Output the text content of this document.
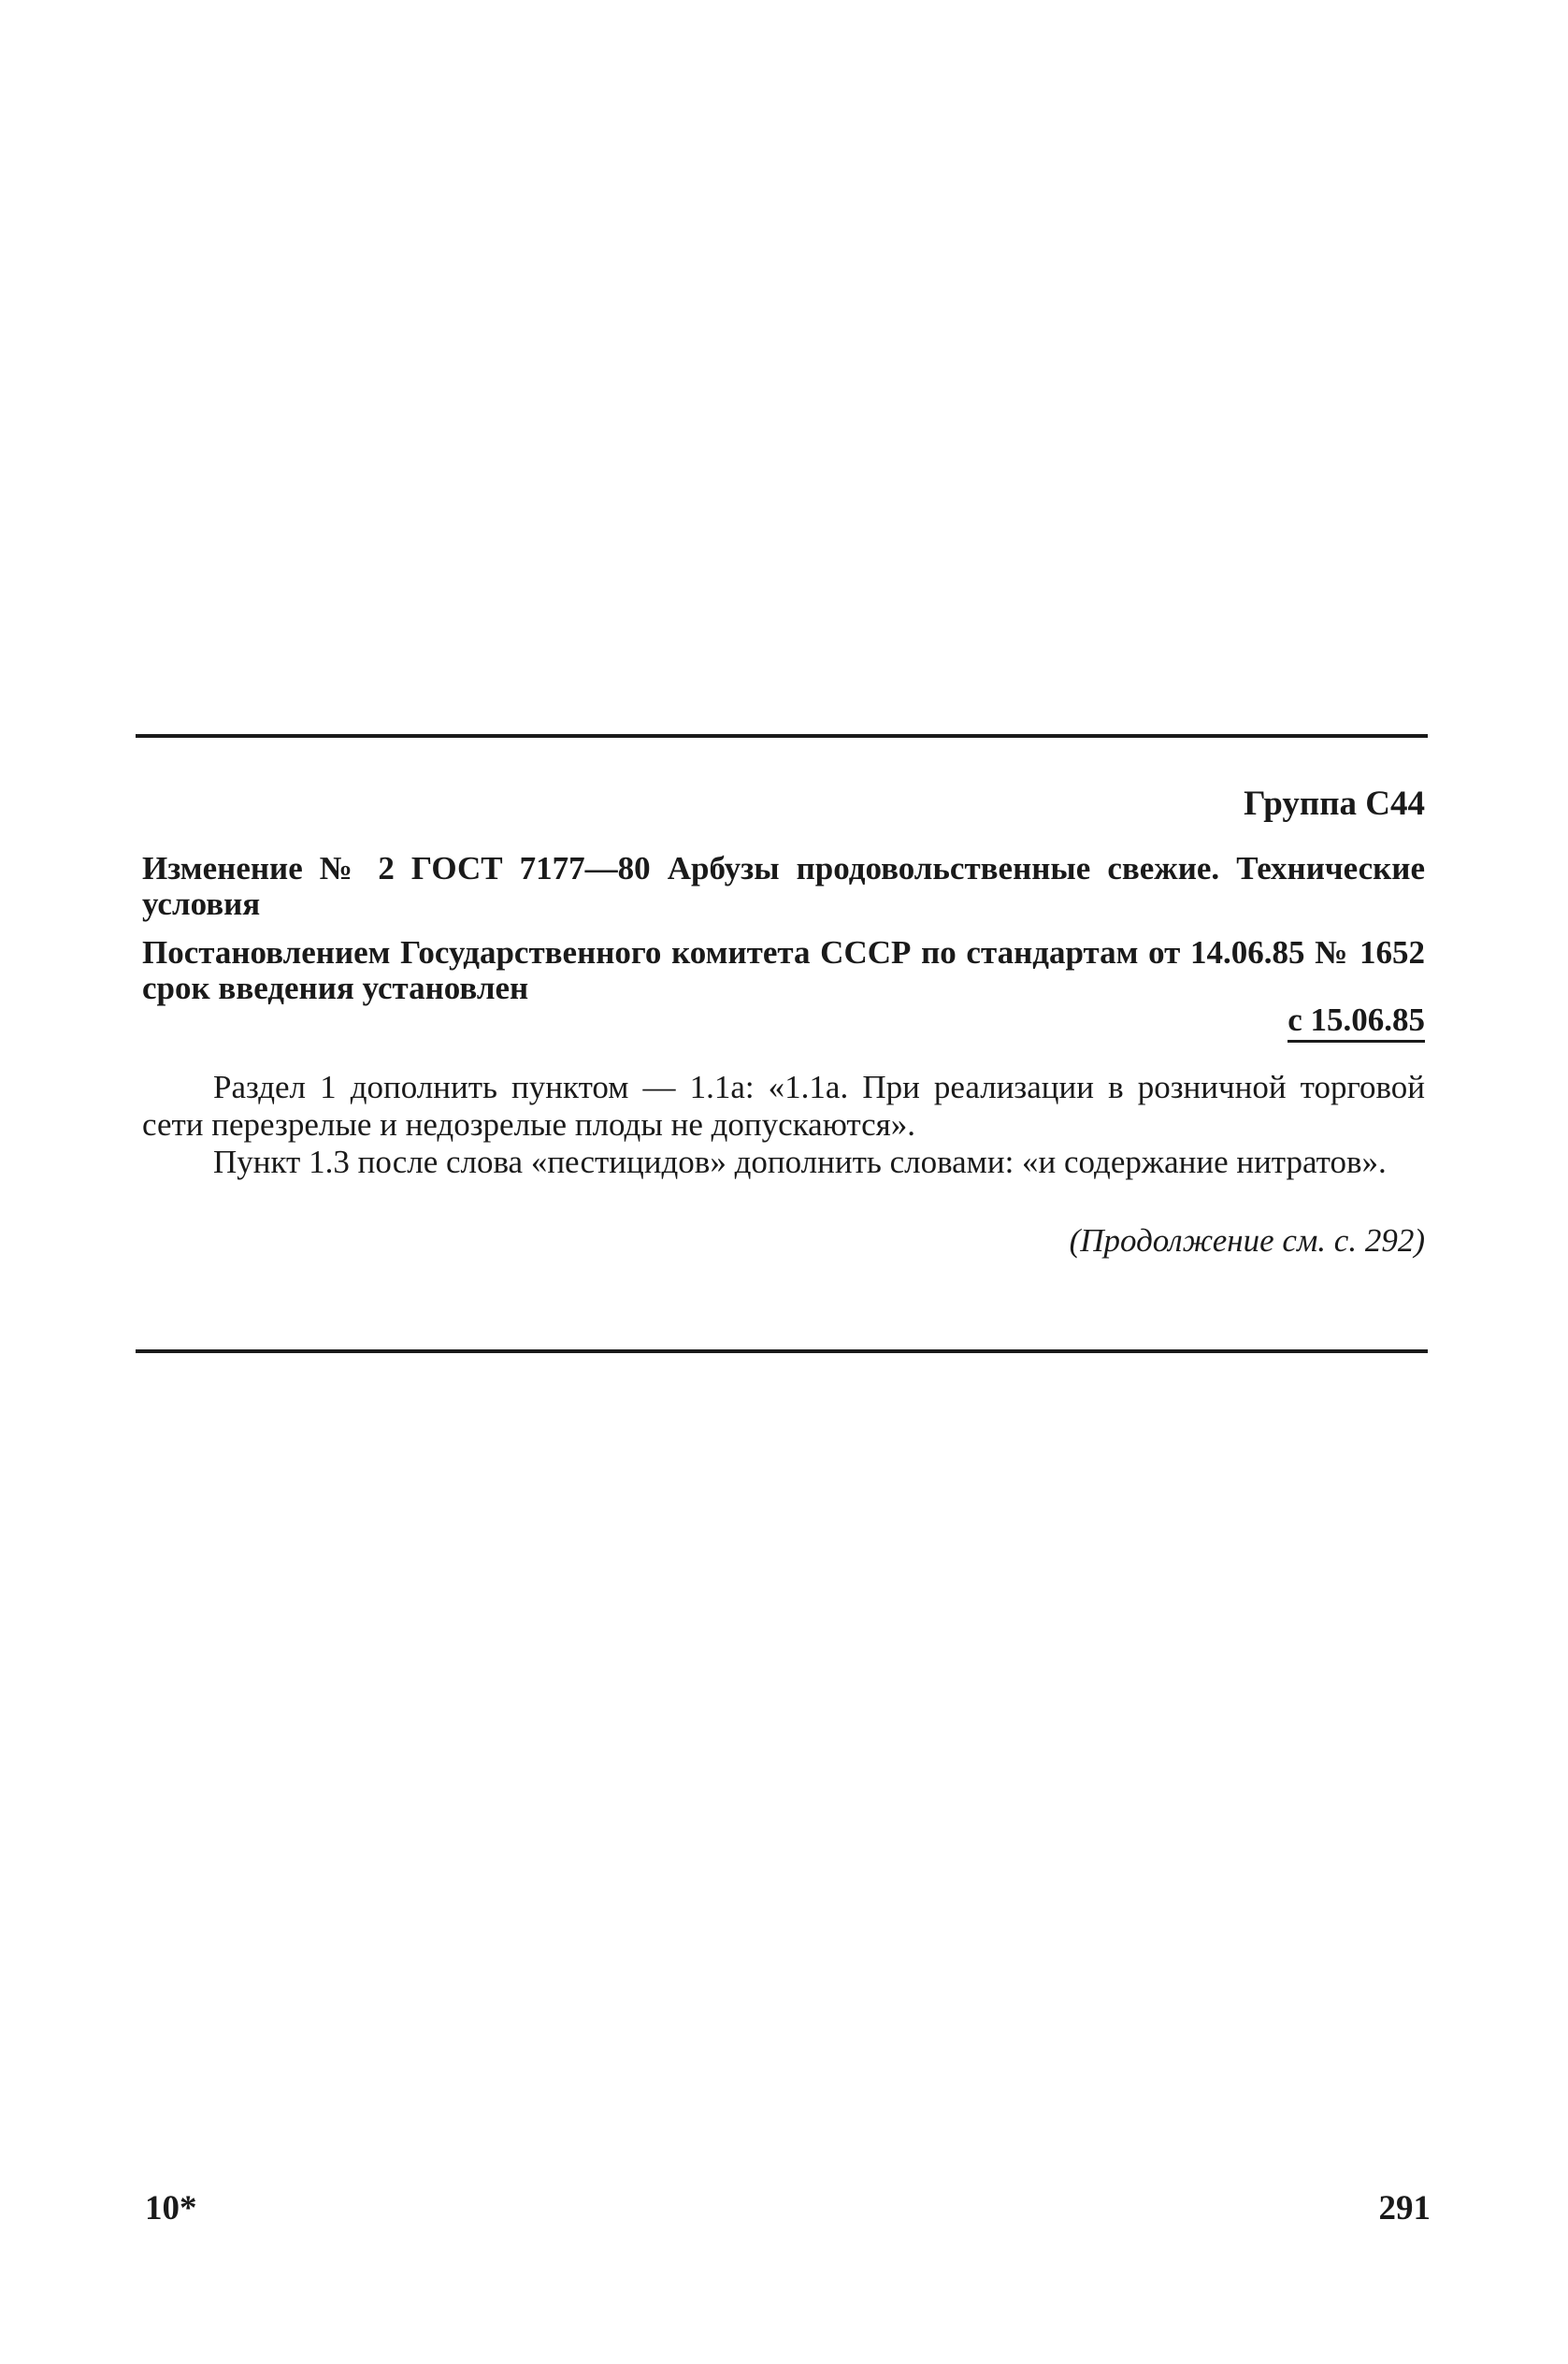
Группа С44
Изменение № 2 ГОСТ 7177—80 Арбузы продовольственные свежие. Технические условия
Постановлением Государственного комитета СССР по стандартам от 14.06.85 № 1652 срок введения установлен
с 15.06.85

Раздел 1 дополнить пунктом — 1.1а: «1.1а. При реализации в розничной торговой сети перезрелые и недозрелые плоды не допускаются».

Пункт 1.3 после слова «пестицидов» дополнить словами: «и содержание нитратов».

(Продолжение см. с. 292)
10*	291
